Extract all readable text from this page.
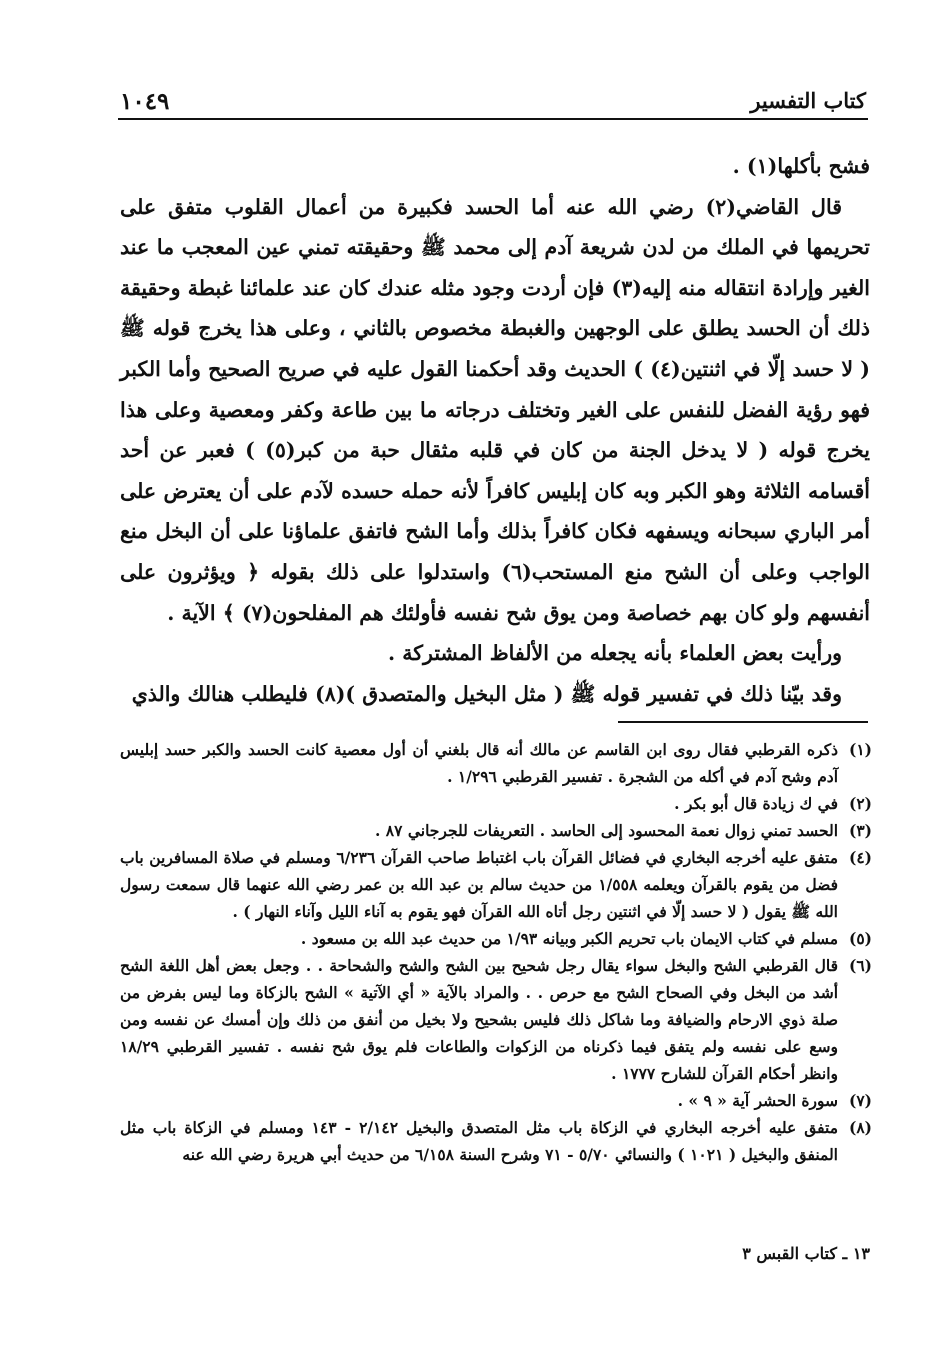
كتاب التفسير
١٠٤٩

فشح بأكلها(١) .

قال القاضي(٢) رضي الله عنه أما الحسد فكبيرة من أعمال القلوب متفق على تحريمها في الملك من لدن شريعة آدم إلى محمد ﷺ وحقيقته تمني عين المعجب ما عند الغير وإرادة انتقاله منه إليه(٣) فإن أردت وجود مثله عندك كان عند علمائنا غبطة وحقيقة ذلك أن الحسد يطلق على الوجهين والغبطة مخصوص بالثاني ، وعلى هذا يخرج قوله ﷺ ( لا حسد إلّا في اثنتين(٤) ) الحديث وقد أحكمنا القول عليه في صريح الصحيح وأما الكبر فهو رؤية الفضل للنفس على الغير وتختلف درجاته ما بين طاعة وكفر ومعصية وعلى هذا يخرج قوله ( لا يدخل الجنة من كان في قلبه مثقال حبة من كبر(٥) ) فعبر عن أحد أقسامه الثلاثة وهو الكبر وبه كان إبليس كافراً لأنه حمله حسده لآدم على أن يعترض على أمر الباري سبحانه ويسفهه فكان كافراً بذلك وأما الشح فاتفق علماؤنا على أن البخل منع الواجب وعلى أن الشح منع المستحب(٦) واستدلوا على ذلك بقوله ﴿ ويؤثرون على أنفسهم ولو كان بهم خصاصة ومن يوق شح نفسه فأولئك هم المفلحون(٧) ﴾ الآية .

ورأيت بعض العلماء بأنه يجعله من الألفاظ المشتركة .

وقد بيّنا ذلك في تفسير قوله ﷺ ( مثل البخيل والمتصدق )(٨) فليطلب هنالك والذي

(١)
ذكره القرطبي فقال روى ابن القاسم عن مالك أنه قال بلغني أن أول معصية كانت الحسد والكبر حسد إبليس آدم وشح آدم في أكله من الشجرة . تفسير القرطبي ١/٢٩٦ .
(٢)
في ك زيادة قال أبو بكر .
(٣)
الحسد تمني زوال نعمة المحسود إلى الحاسد . التعريفات للجرجاني ٨٧ .
(٤)
متفق عليه أخرجه البخاري في فضائل القرآن باب اغتباط صاحب القرآن ٦/٢٣٦ ومسلم في صلاة المسافرين باب فضل من يقوم بالقرآن ويعلمه ١/٥٥٨ من حديث سالم بن عبد الله بن عمر رضي الله عنهما قال سمعت رسول الله ﷺ يقول ( لا حسد إلّا في اثنتين رجل أتاه الله القرآن فهو يقوم به آناء الليل وآناء النهار ) .
(٥)
مسلم في كتاب الايمان باب تحريم الكبر وبيانه ١/٩٣ من حديث عبد الله بن مسعود .
(٦)
قال القرطبي الشح والبخل سواء يقال رجل شحيح بين الشح والشح والشحاحة . . وجعل بعض أهل اللغة الشح أشد من البخل وفي الصحاح الشح مع حرص . . والمراد بالآية « أي الآتية » الشح بالزكاة وما ليس بفرض من صلة ذوي الارحام والضيافة وما شاكل ذلك فليس بشحيح ولا بخيل من أنفق من ذلك وإن أمسك عن نفسه ومن وسع على نفسه ولم يتفق فيما ذكرناه من الزكوات والطاعات فلم يوق شح نفسه . تفسير القرطبي ١٨/٢٩ وانظر أحكام القرآن للشارح ١٧٧٧ .
(٧)
سورة الحشر آية « ٩ » .
(٨)
متفق عليه أخرجه البخاري في الزكاة باب مثل المتصدق والبخيل ٢/١٤٢ - ١٤٣ ومسلم في الزكاة باب مثل المنفق والبخيل ( ١٠٢١ ) والنسائي ٥/٧٠ - ٧١ وشرح السنة ٦/١٥٨ من حديث أبي هريرة رضي الله عنه
١٣ ـ كتاب القبس ٣
